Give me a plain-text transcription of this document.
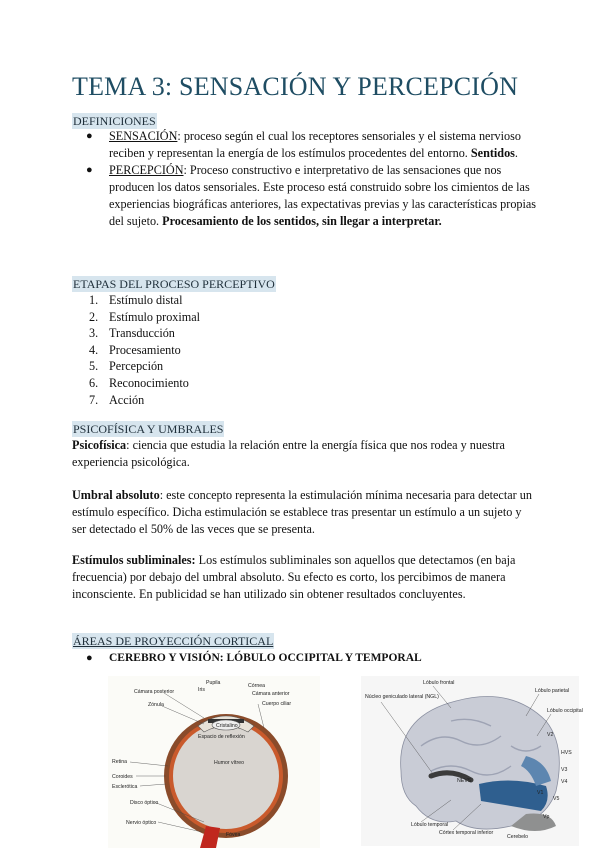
TEMA 3: SENSACIÓN Y PERCEPCIÓN
DEFINICIONES
● SENSACIÓN: proceso según el cual los receptores sensoriales y el sistema nervioso reciben y representan la energía de los estímulos procedentes del entorno. Sentidos.
● PERCEPCIÓN: Proceso constructivo e interpretativo de las sensaciones que nos producen los datos sensoriales. Este proceso está construido sobre los cimientos de las experiencias biográficas anteriores, las expectativas previas y las características propias del sujeto. Procesamiento de los sentidos, sin llegar a interpretar.
ETAPAS DEL PROCESO PERCEPTIVO
1. Estímulo distal
2. Estímulo proximal
3. Transducción
4. Procesamiento
5. Percepción
6. Reconocimiento
7. Acción
PSICOFÍSICA Y UMBRALES

Psicofísica: ciencia que estudia la relación entre la energía física que nos rodea y nuestra experiencia psicológica.

Umbral absoluto: este concepto representa la estimulación mínima necesaria para detectar un estímulo específico. Dicha estimulación se establece tras presentar un estímulo a un sujeto y ser detectado el 50% de las veces que se presenta.

Estímulos subliminales: Los estímulos subliminales son aquellos que detectamos (en baja frecuencia) por debajo del umbral absoluto. Su efecto es corto, los percibimos de manera inconsciente. En publicidad se han utilizado sin obtener resultados concluyentes.

ÁREAS DE PROYECCIÓN CORTICAL
● CEREBRO Y VISIÓN: LÓBULO OCCIPITAL Y TEMPORAL
Pupila
Iris
Córnea
Cámara posterior	Cámara anterior
Zónula	Cuerpo ciliar
Cristalino
Espacio de reflexión
Humor vítreo
Retina
Coroides
Esclerótica
Disco óptico
Nervio óptico
Fóvea
Lóbulo frontal
Lóbulo parietal
Lóbulo occipital
Núcleo geniculado lateral (NGL)
Lóbulo temporal
Córtex temporal inferior
NEVS
HVS
V2
V3
V4
V5
V1
Vp
Cerebelo
